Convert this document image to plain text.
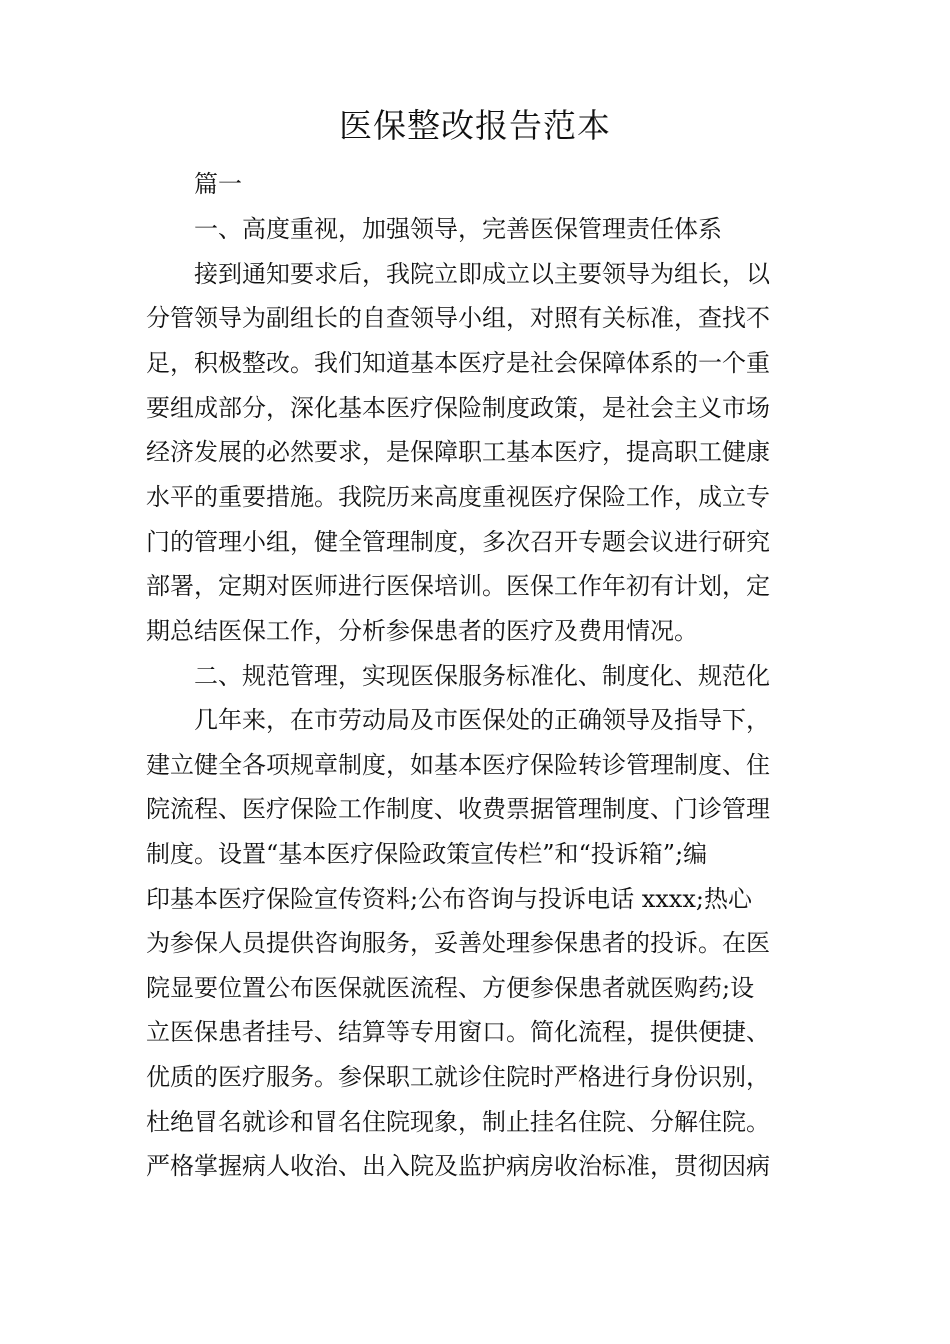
医保整改报告范本

篇一

一、高度重视，加强领导，完善医保管理责任体系

接到通知要求后，我院立即成立以主要领导为组长，以

分管领导为副组长的自查领导小组，对照有关标准，查找不

足，积极整改。我们知道基本医疗是社会保障体系的一个重

要组成部分，深化基本医疗保险制度政策，是社会主义市场

经济发展的必然要求，是保障职工基本医疗，提高职工健康

水平的重要措施。我院历来高度重视医疗保险工作，成立专

门的管理小组，健全管理制度，多次召开专题会议进行研究

部署，定期对医师进行医保培训。医保工作年初有计划，定

期总结医保工作，分析参保患者的医疗及费用情况。

二、规范管理，实现医保服务标准化、制度化、规范化

几年来，在市劳动局及市医保处的正确领导及指导下，

建立健全各项规章制度，如基本医疗保险转诊管理制度、住

院流程、医疗保险工作制度、收费票据管理制度、门诊管理

制度。设置“基本医疗保险政策宣传栏”和“投诉箱”;编

印基本医疗保险宣传资料;公布咨询与投诉电话 xxxx;热心

为参保人员提供咨询服务，妥善处理参保患者的投诉。在医

院显要位置公布医保就医流程、方便参保患者就医购药;设

立医保患者挂号、结算等专用窗口。简化流程，提供便捷、

优质的医疗服务。参保职工就诊住院时严格进行身份识别，

杜绝冒名就诊和冒名住院现象，制止挂名住院、分解住院。

严格掌握病人收治、出入院及监护病房收治标准，贯彻因病
